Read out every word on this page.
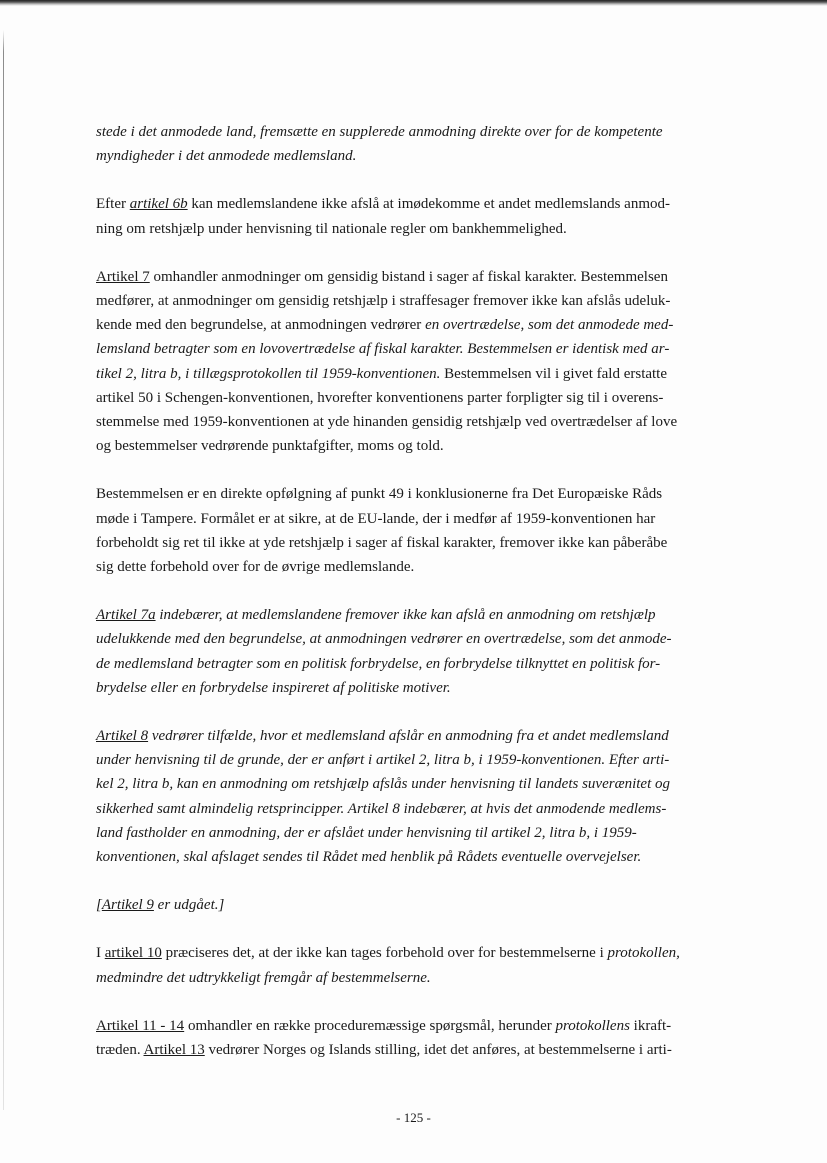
stede i det anmodede land, fremsætte en supplerede anmodning direkte over for de kompetente
myndigheder i det anmodede medlemsland.

Efter artikel 6b kan medlemslandene ikke afslå at imødekomme et andet medlemslands anmod-
ning om retshjælp under henvisning til nationale regler om bankhemmelighed.

Artikel 7 omhandler anmodninger om gensidig bistand i sager af fiskal karakter. Bestemmelsen
medfører, at anmodninger om gensidig retshjælp i straffesager fremover ikke kan afslås udeluk-
kende med den begrundelse, at anmodningen vedrører en overtrædelse, som det anmodede med-
lemsland betragter som en lovovertrædelse af fiskal karakter. Bestemmelsen er identisk med ar-
tikel 2, litra b, i tillægsprotokollen til 1959-konventionen. Bestemmelsen vil i givet fald erstatte
artikel 50 i Schengen-konventionen, hvorefter konventionens parter forpligter sig til i overens-
stemmelse med 1959-konventionen at yde hinanden gensidig retshjælp ved overtrædelser af love
og bestemmelser vedrørende punktafgifter, moms og told.

Bestemmelsen er en direkte opfølgning af punkt 49 i konklusionerne fra Det Europæiske Råds
møde i Tampere. Formålet er at sikre, at de EU-lande, der i medfør af 1959-konventionen har
forbeholdt sig ret til ikke at yde retshjælp i sager af fiskal karakter, fremover ikke kan påberåbe
sig dette forbehold over for de øvrige medlemslande.

Artikel 7a indebærer, at medlemslandene fremover ikke kan afslå en anmodning om retshjælp
udelukkende med den begrundelse, at anmodningen vedrører en overtrædelse, som det anmode-
de medlemsland betragter som en politisk forbrydelse, en forbrydelse tilknyttet en politisk for-
brydelse eller en forbrydelse inspireret af politiske motiver.

Artikel 8 vedrører tilfælde, hvor et medlemsland afslår en anmodning fra et andet medlemsland
under henvisning til de grunde, der er anført i artikel 2, litra b, i 1959-konventionen. Efter arti-
kel 2, litra b, kan en anmodning om retshjælp afslås under henvisning til landets suverænitet og
sikkerhed samt almindelig retsprincipper. Artikel 8 indebærer, at hvis det anmodende medlems-
land fastholder en anmodning, der er afslået under henvisning til artikel 2, litra b, i 1959-
konventionen, skal afslaget sendes til Rådet med henblik på Rådets eventuelle overvejelser.

[Artikel 9 er udgået.]

I artikel 10 præciseres det, at der ikke kan tages forbehold over for bestemmelserne i protokollen,
medmindre det udtrykkeligt fremgår af bestemmelserne.

Artikel 11 - 14 omhandler en række proceduremæssige spørgsmål, herunder protokollens ikraft-
træden. Artikel 13 vedrører Norges og Islands stilling, idet det anføres, at bestemmelserne i arti-

- 125 -
